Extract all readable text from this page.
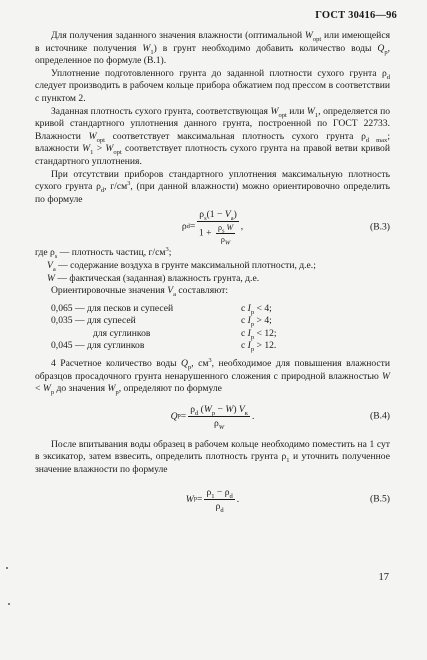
ГОСТ 30416—96

Для получения заданного значения влажности (оптимальной $W_{opt}$ или имеющейся в источнике получения $W_1$) в грунт необходимо добавить количество воды $Q_p$, определенное по формуле (В.1).

Уплотнение подготовленного грунта до заданной плотности сухого грунта $\rho_d$ следует производить в рабочем кольце прибора обжатием под прессом в соответствии с пунктом 2.

Заданная плотность сухого грунта, соответствующая $W_{opt}$ или $W_1$, определяется по кривой стандартного уплотнения данного грунта, построенной по ГОСТ 22733. Влажности $W_{opt}$ соответствует максимальная плотность сухого грунта $\rho_{d max}$; влажности $W_1 > W_{opt}$ соответствует плотность сухого грунта на правой ветви кривой стандартного уплотнения.

При отсутствии приборов стандартного уплотнения максимальную плотность сухого грунта $\rho_d$, $г/см^3$, (при данной влажности) можно ориентировочно определить по формуле

ρ $d = \frac{\rho_s(1 - V_a)}{1 + \frac{\rho_s W}{\rho_W}}$ ,	(В.3)

где $\rho_s$ — плотность частиц, $г/см^3$;

$V_a$ — содержание воздуха в грунте максимальной плотности, д.е.;

W — фактическая (заданная) влажность грунта, д.е.

Ориентировочные значения $V_a$ составляют:

0,065 — для песков и супесей	с $I_p < 4$;
0,035 — для супесей	с $I_p > 4$;
для суглинков	с $I_p < 12$;
0,045 — для суглинков	с $I_p > 12$.

4 Расчетное количество воды $Q_p$, $см^3$, необходимое для повышения влажности образцов просадочного грунта ненарушенного сложения с природной влажностью $W < W_p$ до значения $W_p$, определяют по формуле

Q $p = \frac{\rho_d (W_p - W) V_к}{\rho_W}$ .	(В.4)

После впитывания воды образец в рабочем кольце необходимо поместить на 1 сут в эксикатор, затем взвесить, определить плотность грунта $\rho_1$ и уточнить полученное значение влажности по формуле

W $p = \frac{\rho_1 - \rho_d}{\rho_d}$ .	(В.5)
17
